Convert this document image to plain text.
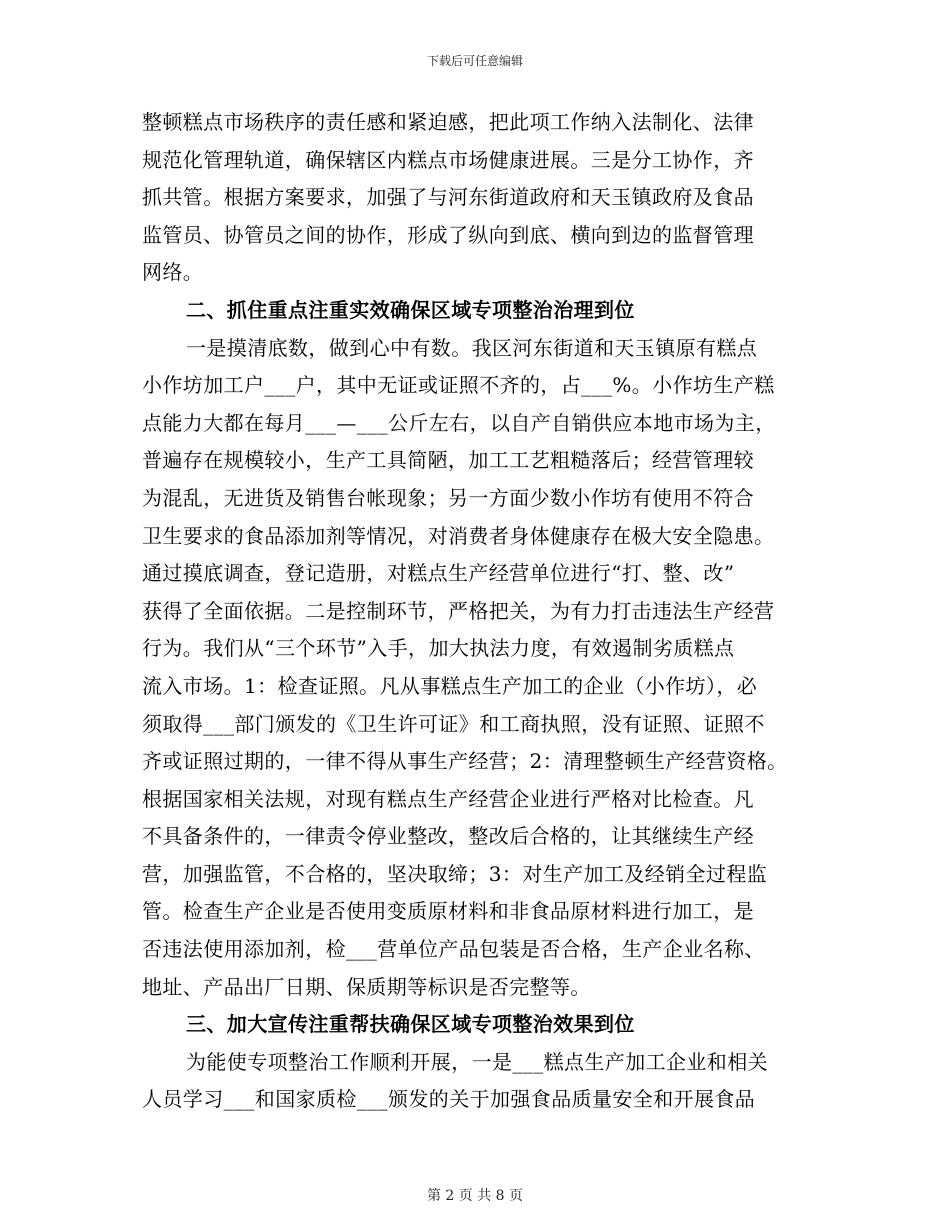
下载后可任意编辑
整顿糕点市场秩序的责任感和紧迫感，把此项工作纳入法制化、法律
规范化管理轨道，确保辖区内糕点市场健康进展。三是分工协作，齐
抓共管。根据方案要求，加强了与河东街道政府和天玉镇政府及食品
监管员、协管员之间的协作，形成了纵向到底、横向到边的监督管理
网络。
二、抓住重点注重实效确保区域专项整治治理到位
一是摸清底数，做到心中有数。我区河东街道和天玉镇原有糕点
小作坊加工户___户，其中无证或证照不齐的，占___%。小作坊生产糕
点能力大都在每月___—___公斤左右，以自产自销供应本地市场为主，
普遍存在规模较小，生产工具简陋，加工工艺粗糙落后；经营管理较
为混乱，无进货及销售台帐现象；另一方面少数小作坊有使用不符合
卫生要求的食品添加剂等情况，对消费者身体健康存在极大安全隐患。
通过摸底调查，登记造册，对糕点生产经营单位进行“打、整、改”
获得了全面依据。二是控制环节，严格把关，为有力打击违法生产经营
行为。我们从“三个环节”入手，加大执法力度，有效遏制劣质糕点
流入市场。1：检查证照。凡从事糕点生产加工的企业（小作坊），必
须取得___部门颁发的《卫生许可证》和工商执照，没有证照、证照不
齐或证照过期的，一律不得从事生产经营；2：清理整顿生产经营资格。
根据国家相关法规，对现有糕点生产经营企业进行严格对比检查。凡
不具备条件的，一律责令停业整改，整改后合格的，让其继续生产经
营，加强监管，不合格的，坚决取缔；3：对生产加工及经销全过程监
管。检查生产企业是否使用变质原材料和非食品原材料进行加工，是
否违法使用添加剂，检___营单位产品包装是否合格，生产企业名称、
地址、产品出厂日期、保质期等标识是否完整等。
三、加大宣传注重帮扶确保区域专项整治效果到位
为能使专项整治工作顺利开展，一是___糕点生产加工企业和相关
人员学习___和国家质检___颁发的关于加强食品质量安全和开展食品
第 2 页 共 8 页
